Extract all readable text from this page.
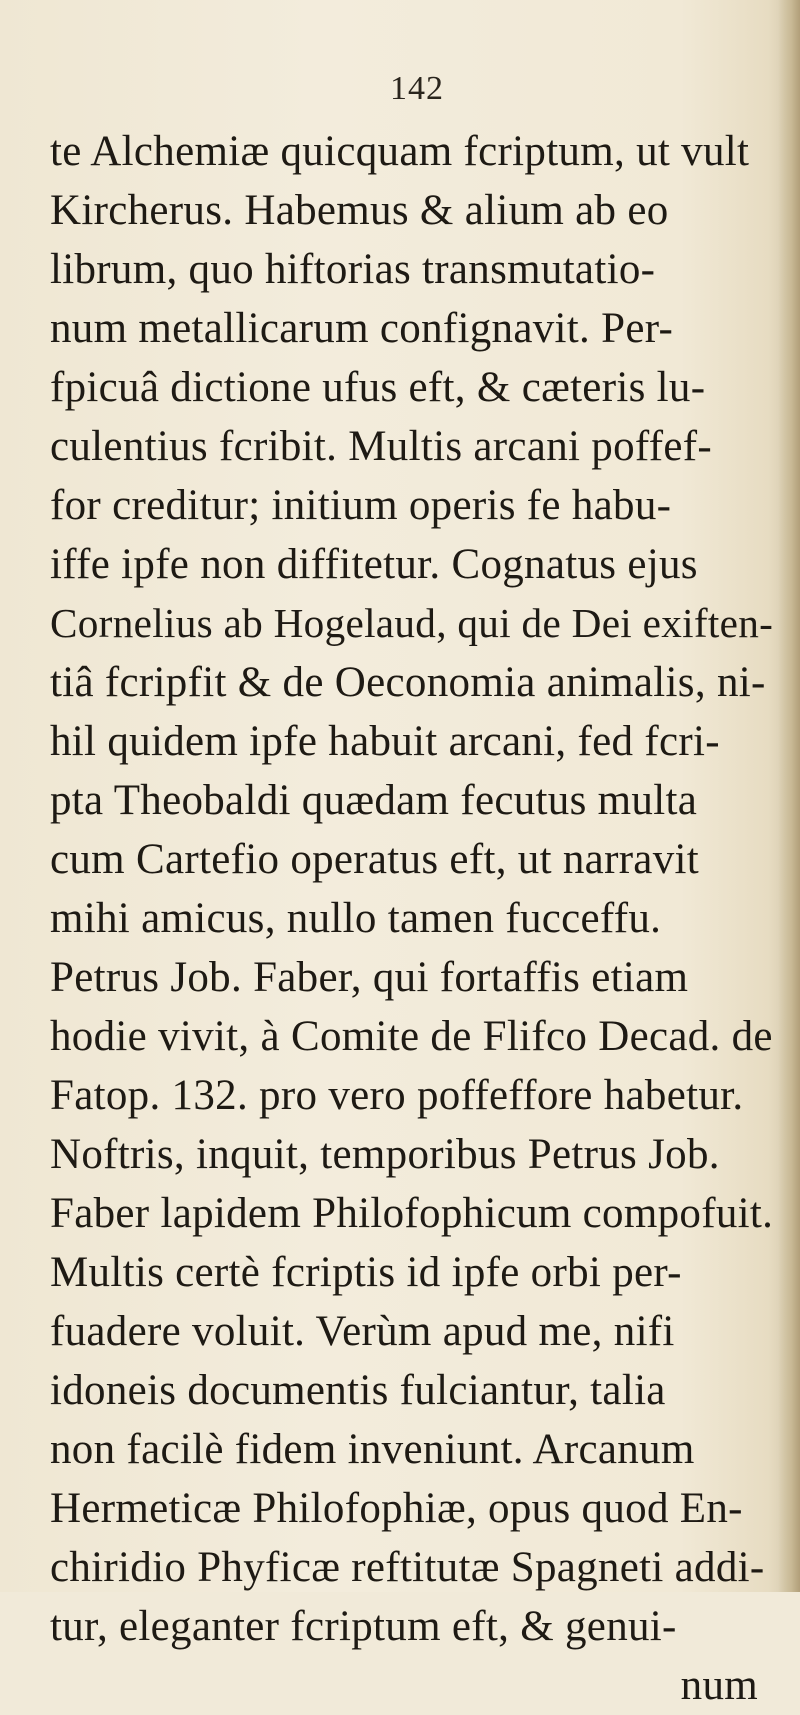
142
te Alchemiæ quicquam fcriptum, ut vult
Kircherus. Habemus & alium ab eo
librum, quo hiftorias transmutatio-
num metallicarum confignavit. Per-
fpicuâ dictione ufus eft, & cæteris lu-
culentius fcribit. Multis arcani poffef-
for creditur; initium operis fe habu-
iffe ipfe non diffitetur. Cognatus ejus
Cornelius ab Hogelaud, qui de Dei exiften-
tiâ fcripfit & de Oeconomia animalis, ni-
hil quidem ipfe habuit arcani, fed fcri-
pta Theobaldi quædam fecutus multa
cum Cartefio operatus eft, ut narravit
mihi amicus, nullo tamen fucceffu.
Petrus Job. Faber, qui fortaffis etiam
hodie vivit, à Comite de Flifco Decad. de
Fatop. 132. pro vero poffeffore habetur.
Noftris, inquit, temporibus Petrus Job.
Faber lapidem Philofophicum compofuit.
Multis certè fcriptis id ipfe orbi per-
fuadere voluit. Verùm apud me, nifi
idoneis documentis fulciantur, talia
non facilè fidem inveniunt. Arcanum
Hermeticæ Philofophiæ, opus quod En-
chiridio Phyficæ reftitutæ Spagneti addi-
tur, eleganter fcriptum eft, & genui-
num
